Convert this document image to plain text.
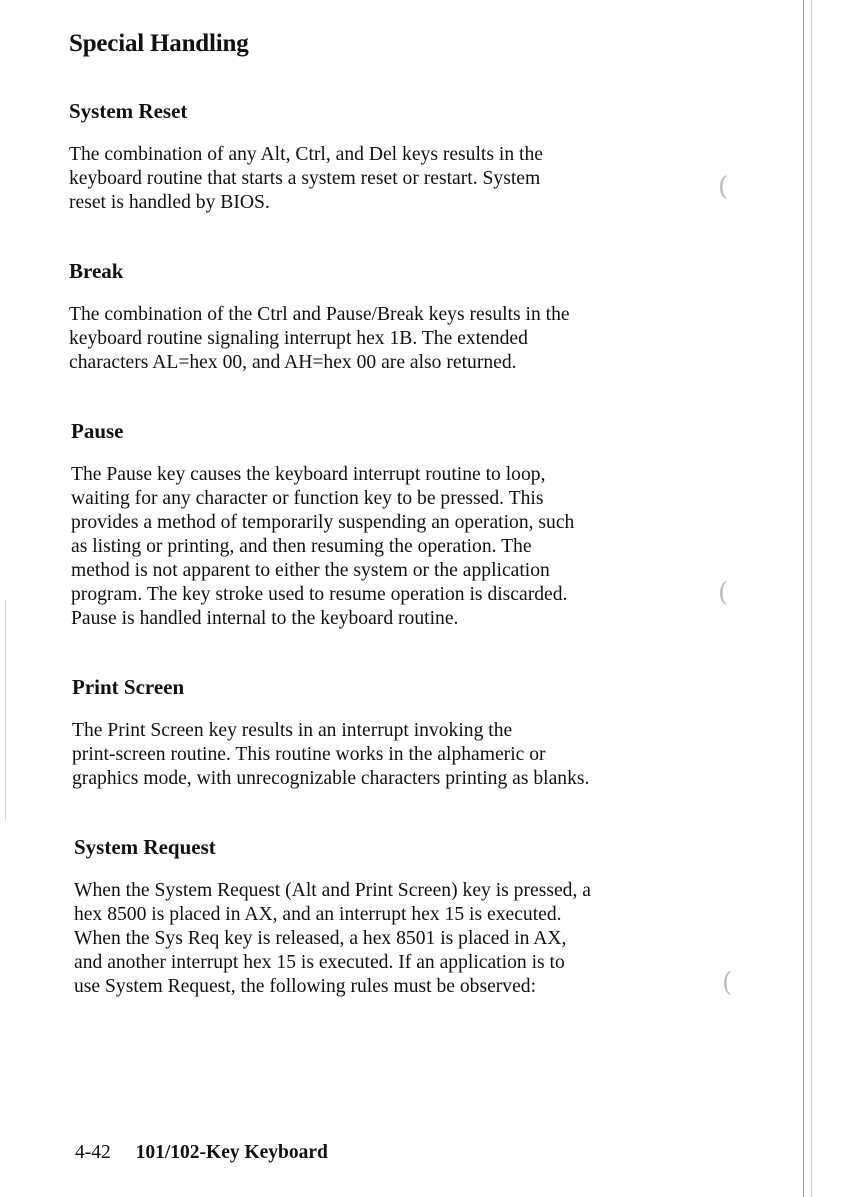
(
(
(
Special Handling
System Reset
The combination of any Alt, Ctrl, and Del keys results in the
keyboard routine that starts a system reset or restart. System
reset is handled by BIOS.
Break
The combination of the Ctrl and Pause/Break keys results in the
keyboard routine signaling interrupt hex 1B. The extended
characters AL=hex 00, and AH=hex 00 are also returned.
Pause
The Pause key causes the keyboard interrupt routine to loop,
waiting for any character or function key to be pressed. This
provides a method of temporarily suspending an operation, such
as listing or printing, and then resuming the operation. The
method is not apparent to either the system or the application
program. The key stroke used to resume operation is discarded.
Pause is handled internal to the keyboard routine.
Print Screen
The Print Screen key results in an interrupt invoking the
print-screen routine. This routine works in the alphameric or
graphics mode, with unrecognizable characters printing as blanks.
System Request
When the System Request (Alt and Print Screen) key is pressed, a
hex 8500 is placed in AX, and an interrupt hex 15 is executed.
When the Sys Req key is released, a hex 8501 is placed in AX,
and another interrupt hex 15 is executed. If an application is to
use System Request, the following rules must be observed:
4-42 101/102-Key Keyboard
